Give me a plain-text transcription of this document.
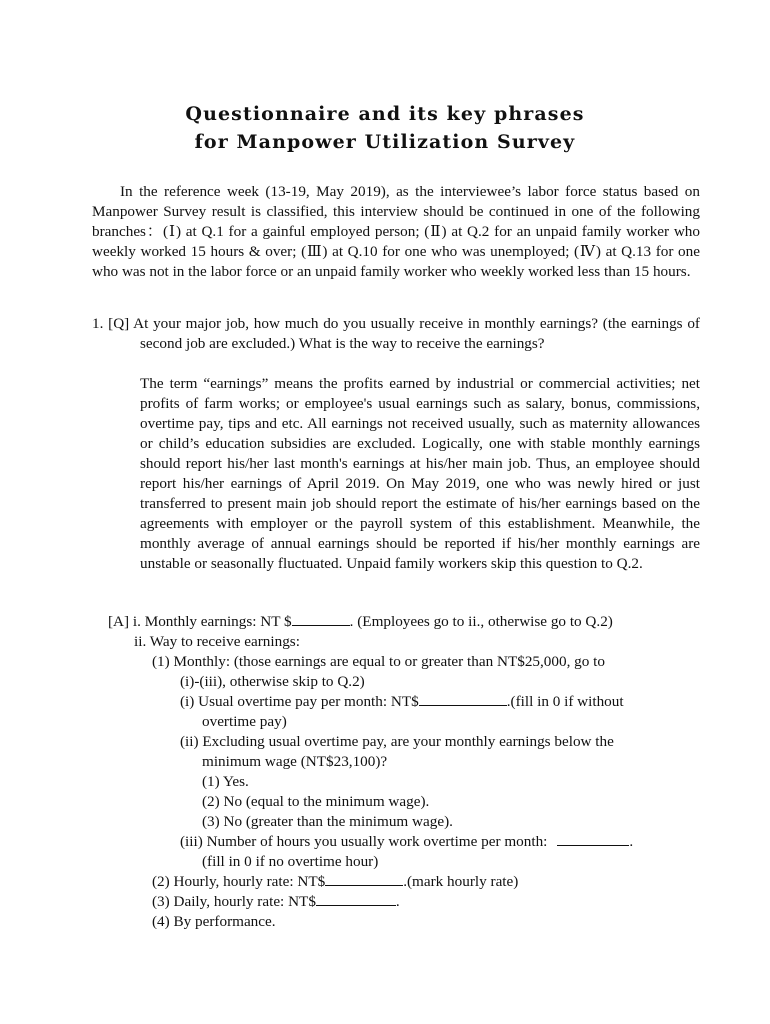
Questionnaire and its key phrases
for Manpower Utilization Survey
In the reference week (13-19, May 2019), as the interviewee’s labor force status based on Manpower Survey result is classified, this interview should be continued in one of the following branches：(Ⅰ) at Q.1 for a gainful employed person; (Ⅱ) at Q.2 for an unpaid family worker who weekly worked 15 hours & over; (Ⅲ) at Q.10 for one who was unemployed; (Ⅳ) at Q.13 for one who was not in the labor force or an unpaid family worker who weekly worked less than 15 hours.
1. [Q] At your major job, how much do you usually receive in monthly earnings? (the earnings of second job are excluded.) What is the way to receive the earnings?
The term “earnings” means the profits earned by industrial or commercial activities; net profits of farm works; or employee's usual earnings such as salary, bonus, commissions, overtime pay, tips and etc. All earnings not received usually, such as maternity allowances or child’s education subsidies are excluded. Logically, one with stable monthly earnings should report his/her last month's earnings at his/her main job. Thus, an employee should report his/her earnings of April 2019. On May 2019, one who was newly hired or just transferred to present main job should report the estimate of his/her earnings based on the agreements with employer or the payroll system of this establishment. Meanwhile, the monthly average of annual earnings should be reported if his/her monthly earnings are unstable or seasonally fluctuated. Unpaid family workers skip this question to Q.2.
[A] i. Monthly earnings: NT $	. (Employees go to ii., otherwise go to Q.2)
ii. Way to receive earnings:
(1) Monthly: (those earnings are equal to or greater than NT$25,000, go to
(i)-(iii), otherwise skip to Q.2)
(i) Usual overtime pay per month: NT$	.(fill in 0 if without
overtime pay)
(ii) Excluding usual overtime pay, are your monthly earnings below the
minimum wage (NT$23,100)?
(1) Yes.
(2) No (equal to the minimum wage).
(3) No (greater than the minimum wage).
(iii) Number of hours you usually work overtime per month:	.
(fill in 0 if no overtime hour)
(2) Hourly, hourly rate: NT$	.(mark hourly rate)
(3) Daily, hourly rate: NT$	.
(4) By performance.
